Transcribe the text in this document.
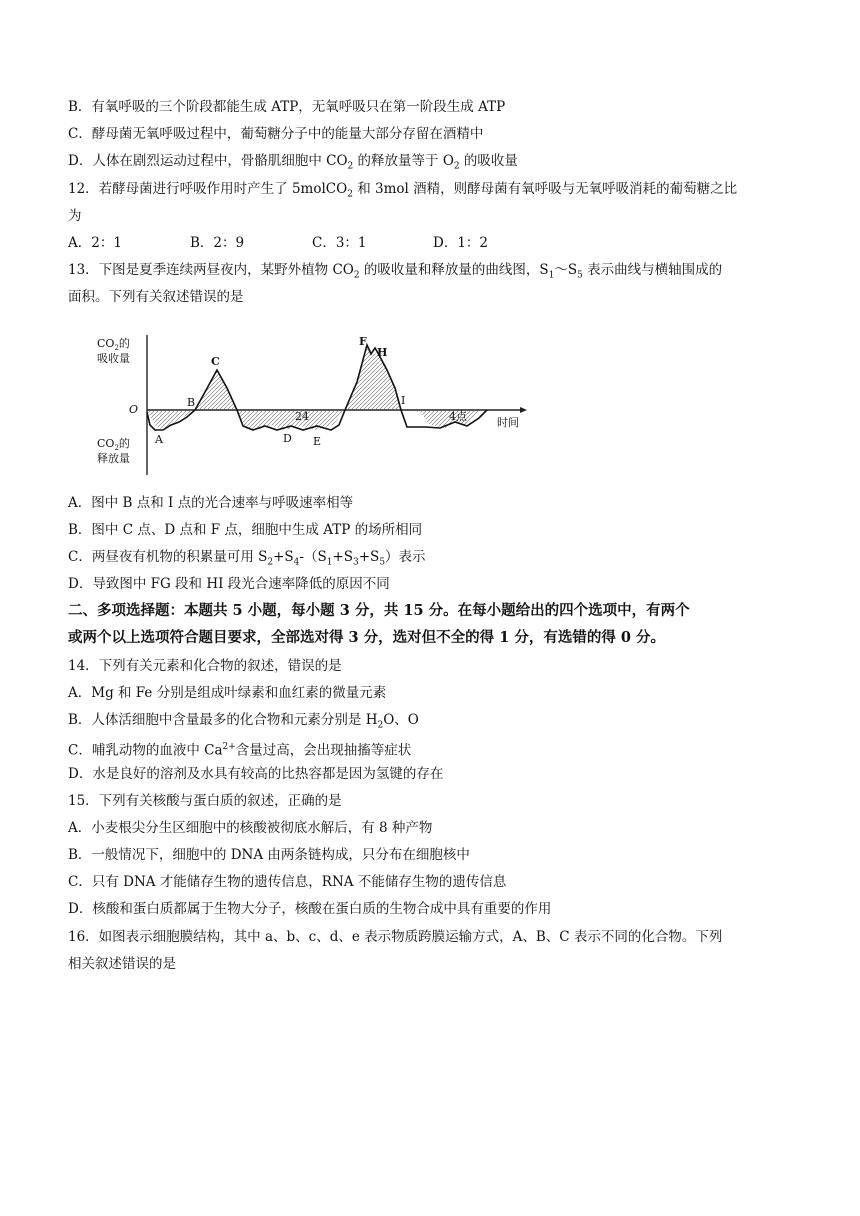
B．有氧呼吸的三个阶段都能生成 ATP，无氧呼吸只在第一阶段生成 ATP
C．酵母菌无氧呼吸过程中，葡萄糖分子中的能量大部分存留在酒精中
D．人体在剧烈运动过程中，骨骼肌细胞中 $CO_2$ 的释放量等于 $O_2$ 的吸收量
12．若酵母菌进行呼吸作用时产生了 5molCO$_2$ 和 3mol 酒精，则酵母菌有氧呼吸与无氧呼吸消耗的葡萄糖之比
为
A．2：1	B．2：9	C．3：1	D．1：2
13．下图是夏季连续两昼夜内，某野外植物 $CO_2$ 的吸收量和释放量的曲线图，$S_1\sim S_5$ 表示曲线与横轴围成的
面积。下列有关叙述错误的是
$CO_2$的
吸收量
$CO_2$的
释放量
O
时间
A
B
C
D E
F
H
I
24	4点
A．图中 B 点和 I 点的光合速率与呼吸速率相等
B．图中 C 点、D 点和 F 点，细胞中生成 ATP 的场所相同
C．两昼夜有机物的积累量可用 $S_2+S_4-(S_1+S_3+S_5)$表示
D．导致图中 FG 段和 HI 段光合速率降低的原因不同
二、多项选择题：本题共 5 小题，每小题 3 分，共 15 分。在每小题给出的四个选项中，有两个
或两个以上选项符合题目要求，全部选对得 3 分，选对但不全的得 1 分，有选错的得 0 分。
14．下列有关元素和化合物的叙述，错误的是
A．Mg 和 Fe 分别是组成叶绿素和血红素的微量元素
B．人体活细胞中含量最多的化合物和元素分别是 $H_2O$、O
C．哺乳动物的血液中 $Ca^{2+}$含量过高，会出现抽搐等症状
D．水是良好的溶剂及水具有较高的比热容都是因为氢键的存在
15．下列有关核酸与蛋白质的叙述，正确的是
A．小麦根尖分生区细胞中的核酸被彻底水解后，有 8 种产物
B．一般情况下，细胞中的 DNA 由两条链构成，只分布在细胞核中
C．只有 DNA 才能储存生物的遗传信息，RNA 不能储存生物的遗传信息
D．核酸和蛋白质都属于生物大分子，核酸在蛋白质的生物合成中具有重要的作用
16．如图表示细胞膜结构，其中 a、b、c、d、e 表示物质跨膜运输方式，A、B、C 表示不同的化合物。下列
相关叙述错误的是
